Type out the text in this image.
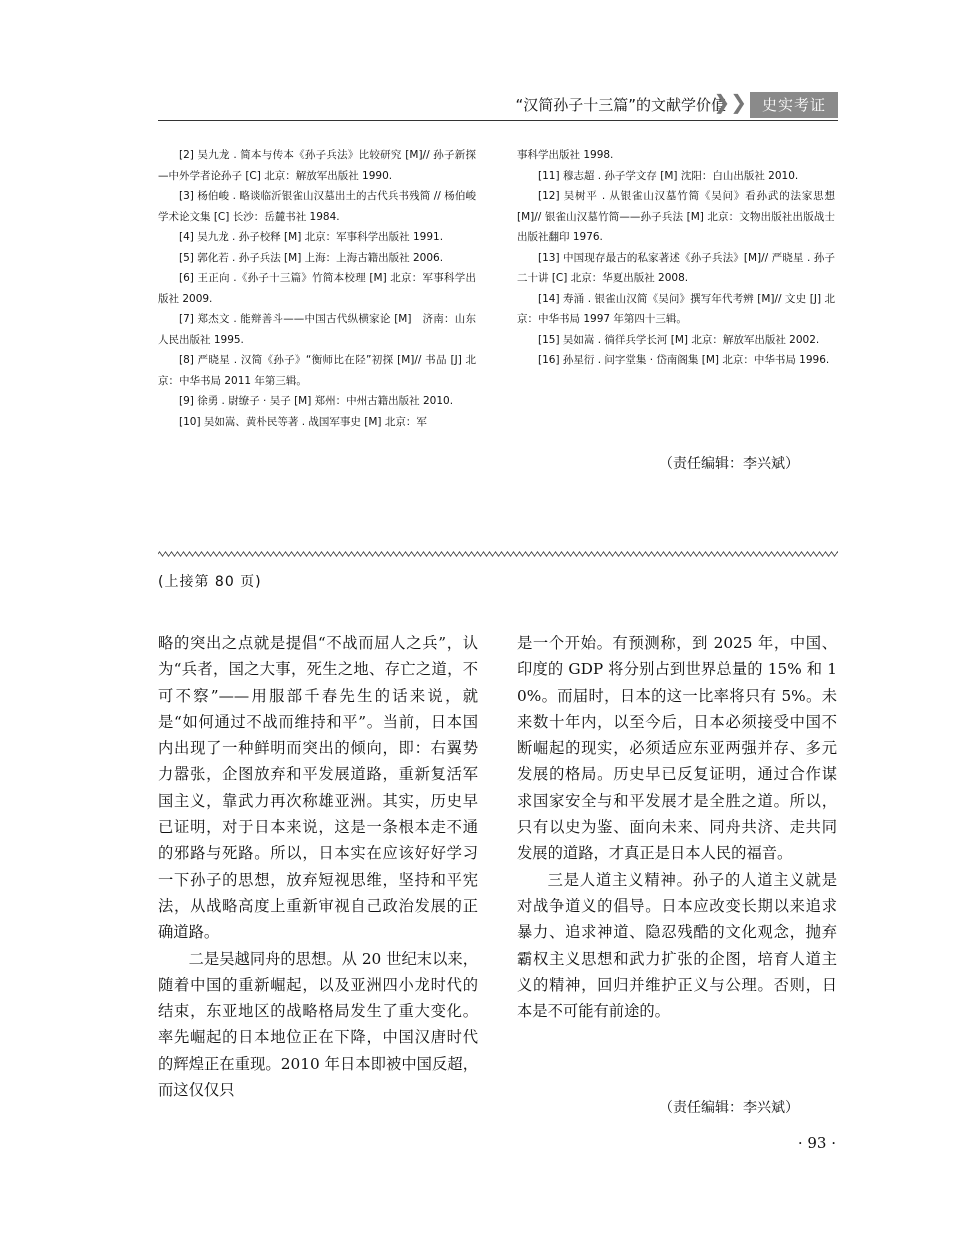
“汉简孙子十三篇”的文献学价值
❯❯ 史实考证
[2] 吴九龙 . 简本与传本《孙子兵法》比较研究 [M]// 孙子新探—中外学者论孙子 [C] 北京：解放军出版社 1990.
[3] 杨伯峻 . 略谈临沂银雀山汉墓出土的古代兵书残简 // 杨伯峻学术论文集 [C] 长沙：岳麓书社 1984.
[4] 吴九龙 . 孙子校释 [M] 北京：军事科学出版社 1991.
[5] 郭化若 . 孙子兵法 [M] 上海：上海古籍出版社 2006.
[6] 王正向 .《孙子十三篇》竹简本校理 [M] 北京：军事科学出版社 2009.
[7] 郑杰文 . 能辩善斗——中国古代纵横家论 [M]　济南：山东人民出版社 1995.
[8] 严晓星 . 汉简《孙子》“衡师比在陉”初探 [M]// 书品 [J] 北京：中华书局 2011 年第三辑。
[9] 徐勇 . 尉缭子 · 吴子 [M] 郑州：中州古籍出版社 2010.
[10] 吴如嵩、黄朴民等著 . 战国军事史 [M] 北京：军
事科学出版社 1998.
[11] 穆志超 . 孙子学文存 [M] 沈阳：白山出版社 2010.
[12] 吴树平 . 从银雀山汉墓竹简《吴问》看孙武的法家思想 [M]// 银雀山汉墓竹简——孙子兵法 [M] 北京：文物出版社出版战士出版社翻印 1976.
[13] 中国现存最古的私家著述《孙子兵法》[M]// 严晓星 . 孙子二十讲 [C] 北京：华夏出版社 2008.
[14] 寿涌 . 银雀山汉简《吴问》撰写年代考辨 [M]// 文史 [J] 北京：中华书局 1997 年第四十三辑。
[15] 吴如嵩 . 徜徉兵学长河 [M] 北京：解放军出版社 2002.
[16] 孙星衍 . 问字堂集 · 岱南阁集 [M] 北京：中华书局 1996.
（责任编辑：李兴斌）
(上接第 80 页)

略的突出之点就是提倡“不战而屈人之兵”，认为“兵者，国之大事，死生之地、存亡之道，不可不察”——用服部千春先生的话来说，就是“如何通过不战而维持和平”。当前，日本国内出现了一种鲜明而突出的倾向，即：右翼势力嚣张，企图放弃和平发展道路，重新复活军国主义，靠武力再次称雄亚洲。其实，历史早已证明，对于日本来说，这是一条根本走不通的邪路与死路。所以，日本实在应该好好学习一下孙子的思想，放弃短视思维，坚持和平宪法，从战略高度上重新审视自己政治发展的正确道路。

二是吴越同舟的思想。从 20 世纪末以来，随着中国的重新崛起，以及亚洲四小龙时代的结束，东亚地区的战略格局发生了重大变化。率先崛起的日本地位正在下降，中国汉唐时代的辉煌正在重现。2010 年日本即被中国反超，而这仅仅只

是一个开始。有预测称，到 2025 年，中国、印度的 GDP 将分别占到世界总量的 15% 和 10%。而届时，日本的这一比率将只有 5%。未来数十年内，以至今后，日本必须接受中国不断崛起的现实，必须适应东亚两强并存、多元发展的格局。历史早已反复证明，通过合作谋求国家安全与和平发展才是全胜之道。所以，只有以史为鉴、面向未来、同舟共济、走共同发展的道路，才真正是日本人民的福音。

三是人道主义精神。孙子的人道主义就是对战争道义的倡导。日本应改变长期以来追求暴力、追求神道、隐忍残酷的文化观念，抛弃霸权主义思想和武力扩张的企图，培育人道主义的精神，回归并维护正义与公理。否则，日本是不可能有前途的。

（责任编辑：李兴斌）
· 93 ·
